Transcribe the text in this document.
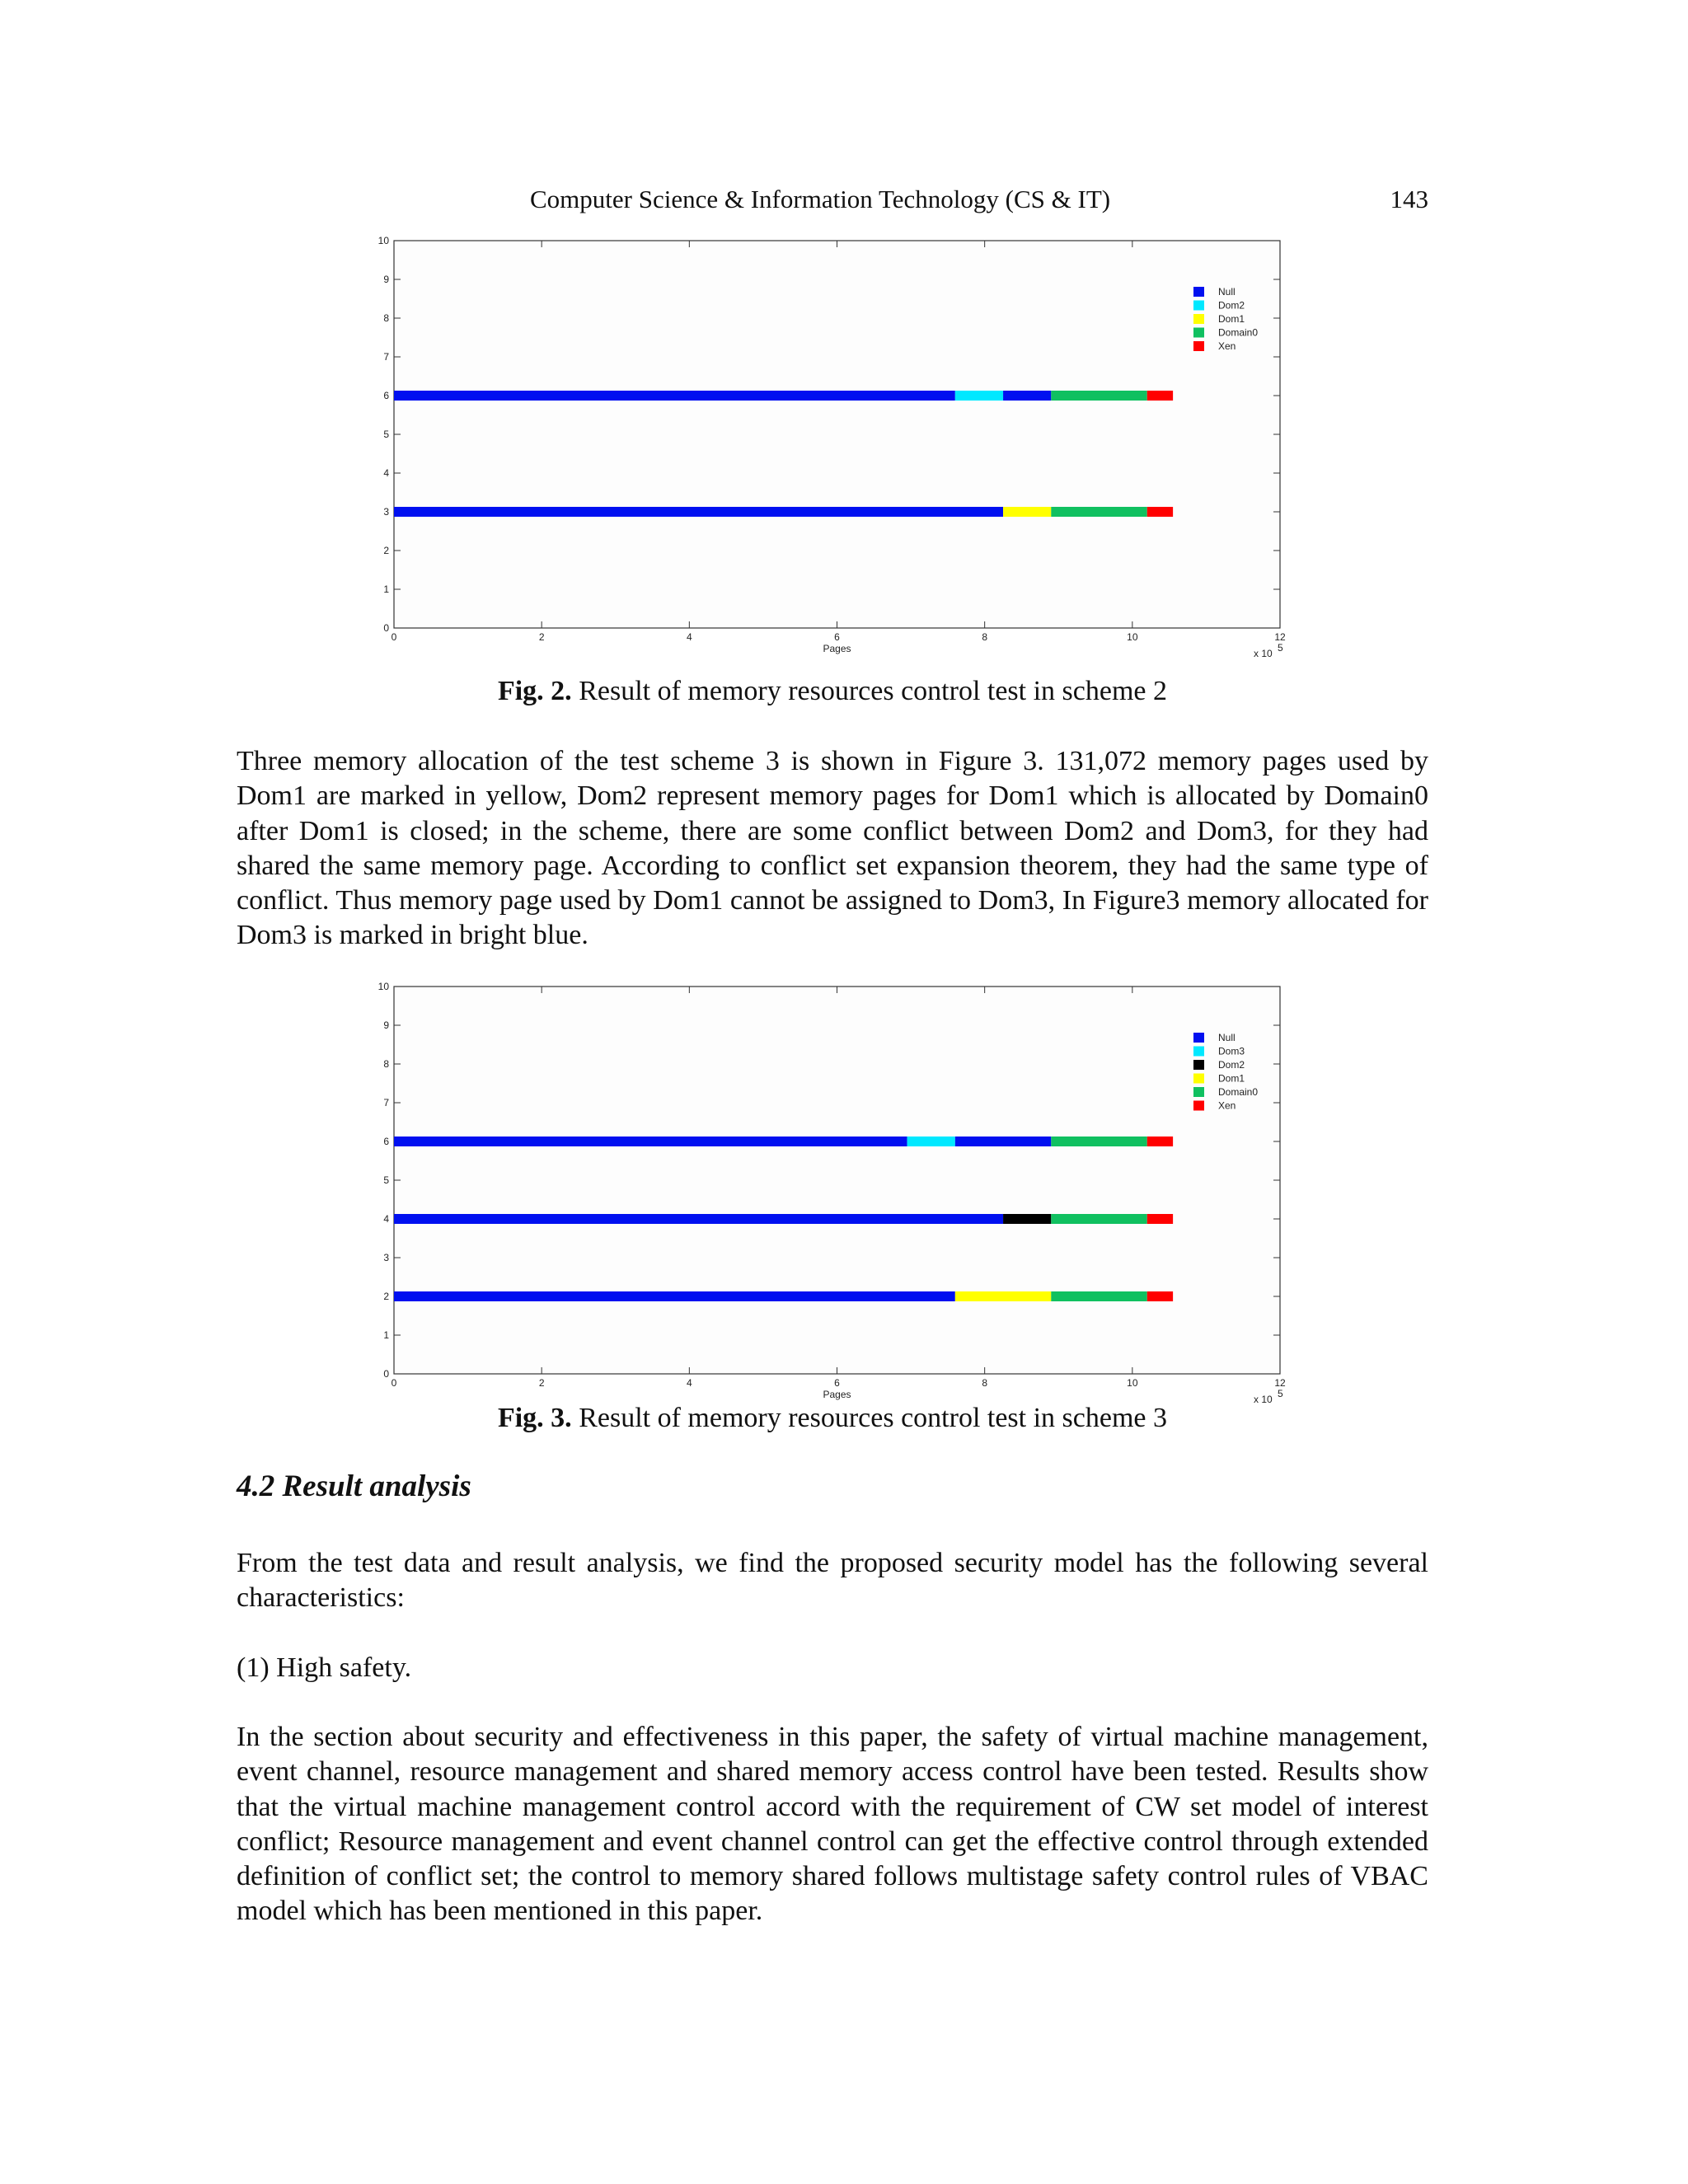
Computer Science & Information Technology (CS & IT)	143
0
1
2
3
4
5
6
7
8
9
10
0	2	4	6	8	10	12
Pages	x 10 5
Null
Dom2
Dom1
Domain0
Xen
Fig. 2. Result of memory resources control test in scheme 2

Three memory allocation of the test scheme 3 is shown in Figure 3. 131,072 memory pages used by Dom1 are marked in yellow, Dom2 represent memory pages for Dom1 which is allocated by Domain0 after Dom1 is closed; in the scheme, there are some conflict between Dom2 and Dom3, for they had shared the same memory page. According to conflict set expansion theorem, they had the same type of conflict. Thus memory page used by Dom1 cannot be assigned to Dom3, In Figure3 memory allocated for Dom3 is marked in bright blue.

0
1
2
3
4
5
6
7
8
9
10
0	2	4	6	8	10	12
Pages	x 10 5
Null
Dom3
Dom2
Dom1
Domain0
Xen
Fig. 3. Result of memory resources control test in scheme 3
4.2 Result analysis

From the test data and result analysis, we find the proposed security model has the following several characteristics:

(1) High safety.

In the section about security and effectiveness in this paper, the safety of virtual machine management, event channel, resource management and shared memory access control have been tested. Results show that the virtual machine management control accord with the requirement of CW set model of interest conflict; Resource management and event channel control can get the effective control through extended definition of conflict set; the control to memory shared follows multistage safety control rules of VBAC model which has been mentioned in this paper.
